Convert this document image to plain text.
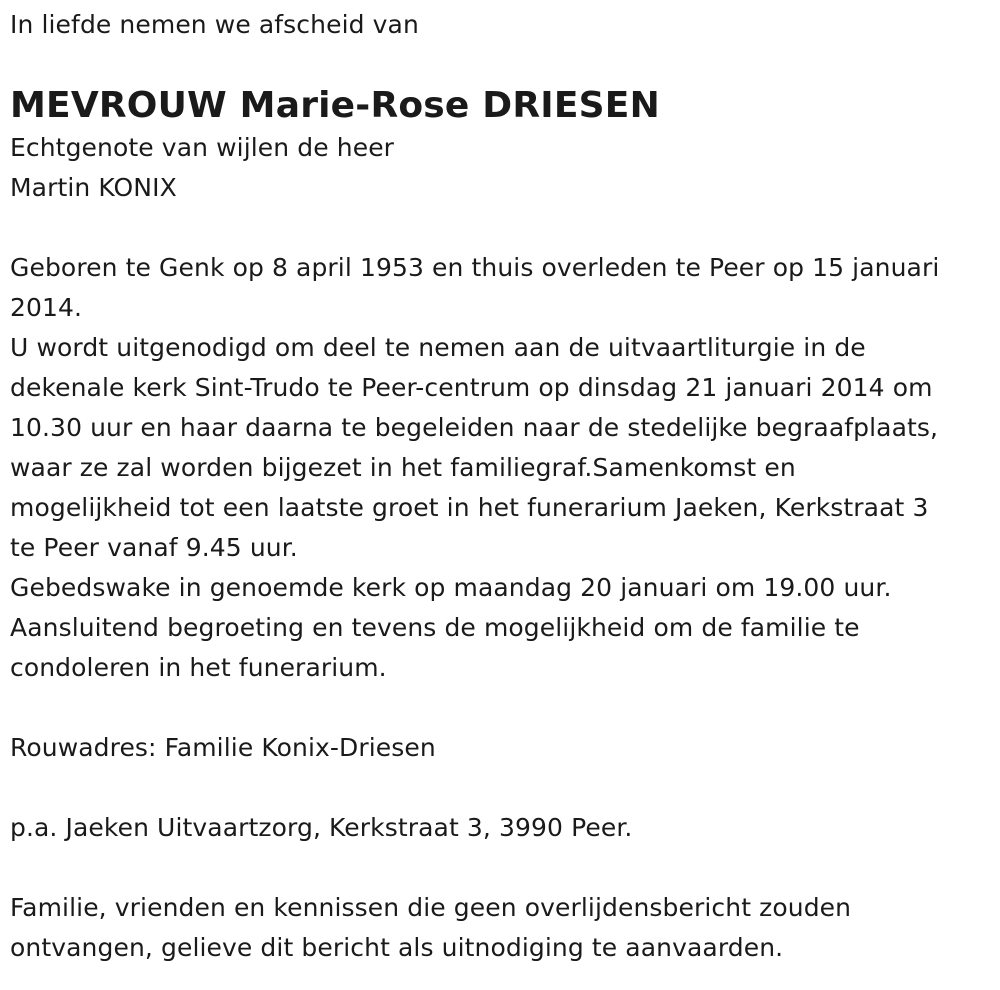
In liefde nemen we afscheid van
MEVROUW Marie-Rose DRIESEN
Echtgenote van wijlen de heer
Martin KONIX
Geboren te Genk op 8 april 1953 en thuis overleden te Peer op 15 januari
2014.
U wordt uitgenodigd om deel te nemen aan de uitvaartliturgie in de
dekenale kerk Sint-Trudo te Peer-centrum op dinsdag 21 januari 2014 om
10.30 uur en haar daarna te begeleiden naar de stedelijke begraafplaats,
waar ze zal worden bijgezet in het familiegraf.Samenkomst en
mogelijkheid tot een laatste groet in het funerarium Jaeken, Kerkstraat 3
te Peer vanaf 9.45 uur.
Gebedswake in genoemde kerk op maandag 20 januari om 19.00 uur.
Aansluitend begroeting en tevens de mogelijkheid om de familie te
condoleren in het funerarium.
Rouwadres: Familie Konix-Driesen
p.a. Jaeken Uitvaartzorg, Kerkstraat 3, 3990 Peer.
Familie, vrienden en kennissen die geen overlijdensbericht zouden
ontvangen, gelieve dit bericht als uitnodiging te aanvaarden.
